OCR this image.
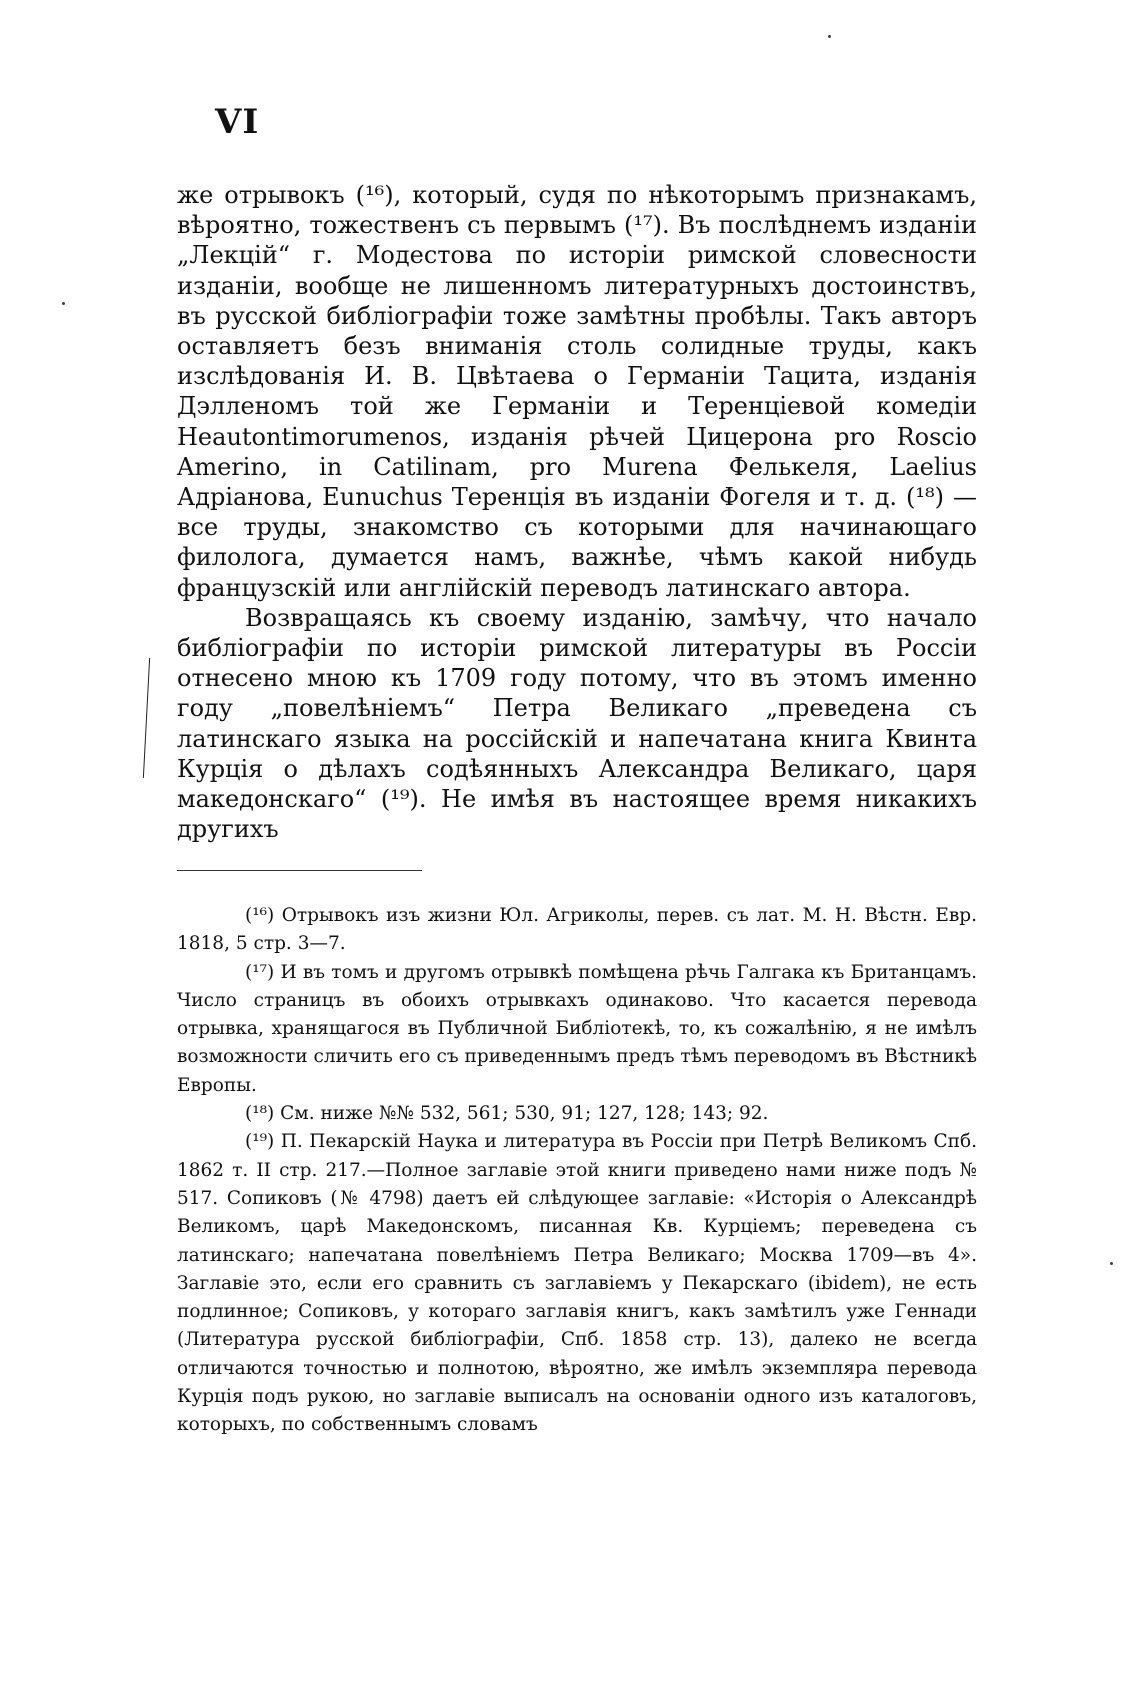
VI

же отрывокъ (¹⁶), который, судя по нѣкоторымъ признакамъ, вѣроятно, тожественъ съ первымъ (¹⁷). Въ послѣднемъ изданіи „Лекцій“ г. Модестова по исторіи римской словесности изданіи, вообще не лишенномъ литературныхъ достоинствъ, въ русской библіографіи тоже замѣтны пробѣлы. Такъ авторъ оставляетъ безъ вниманія столь солидные труды, какъ изслѣдованія И. В. Цвѣтаева о Германіи Тацита, изданія Дэлленомъ той же Германіи и Теренціевой комедіи Heautontimorumenos, изданія рѣчей Цицерона pro Roscio Amerino, in Catilinam, pro Murena Фелькеля, Laelius Адріанова, Eunuchus Теренція въ изданіи Фогеля и т. д. (¹⁸) — все труды, знакомство съ которыми для начинающаго филолога, думается намъ, важнѣе, чѣмъ какой нибудь французскій или англійскій переводъ латинскаго автора.

Возвращаясь къ своему изданію, замѣчу, что начало библіографіи по исторіи римской литературы въ Россіи отнесено мною къ 1709 году потому, что въ этомъ именно году „повелѣніемъ“ Петра Великаго „преведена съ латинскаго языка на россійскій и напечатана книга Квинта Курція о дѣлахъ содѣянныхъ Александра Великаго, царя македонскаго“ (¹⁹). Не имѣя въ настоящее время никакихъ другихъ

(¹⁶) Отрывокъ изъ жизни Юл. Агриколы, перев. съ лат. М. Н. Вѣстн. Евр. 1818, 5 стр. 3—7.

(¹⁷) И въ томъ и другомъ отрывкѣ помѣщена рѣчь Галгака къ Британцамъ. Число страницъ въ обоихъ отрывкахъ одинаково. Что касается перевода отрывка, хранящагося въ Публичной Библіотекѣ, то, къ сожалѣнію, я не имѣлъ возможности сличить его съ приведеннымъ предъ тѣмъ переводомъ въ Вѣстникѣ Европы.

(¹⁸) См. ниже №№ 532, 561; 530, 91; 127, 128; 143; 92.

(¹⁹) П. Пекарскій Наука и литература въ Россіи при Петрѣ Великомъ Спб. 1862 т. II стр. 217.—Полное заглавіе этой книги приведено нами ниже подъ № 517. Сопиковъ (№ 4798) даетъ ей слѣдующее заглавіе: «Исторія о Александрѣ Великомъ, царѣ Македонскомъ, писанная Кв. Курціемъ; переведена съ латинскаго; напечатана повелѣніемъ Петра Великаго; Москва 1709—въ 4». Заглавіе это, если его сравнить съ заглавіемъ у Пекарскаго (ibidem), не есть подлинное; Сопиковъ, у котораго заглавія книгъ, какъ замѣтилъ уже Геннади (Литература русской библіографіи, Спб. 1858 стр. 13), далеко не всегда отличаются точностью и полнотою, вѣроятно, же имѣлъ экземпляра перевода Курція подъ рукою, но заглавіе выписалъ на основаніи одного изъ каталоговъ, которыхъ, по собственнымъ словамъ
